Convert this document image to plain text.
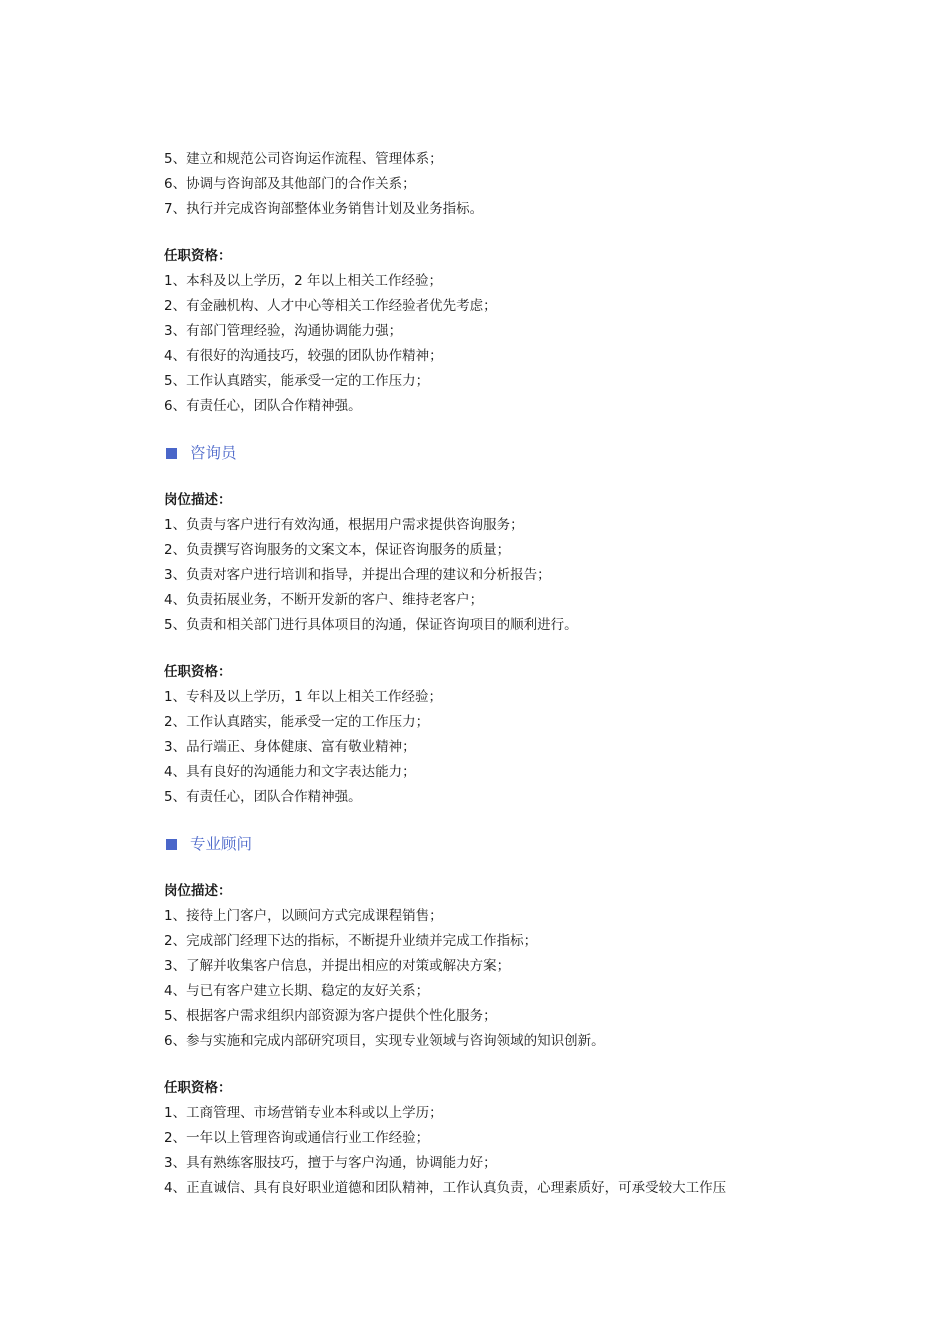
5、建立和规范公司咨询运作流程、管理体系；

6、协调与咨询部及其他部门的合作关系；

7、执行并完成咨询部整体业务销售计划及业务指标。

任职资格：

1、本科及以上学历，2 年以上相关工作经验；

2、有金融机构、人才中心等相关工作经验者优先考虑；

3、有部门管理经验，沟通协调能力强；

4、有很好的沟通技巧，较强的团队协作精神；

5、工作认真踏实，能承受一定的工作压力；

6、有责任心，团队合作精神强。

咨询员

岗位描述：

1、负责与客户进行有效沟通，根据用户需求提供咨询服务；

2、负责撰写咨询服务的文案文本，保证咨询服务的质量；

3、负责对客户进行培训和指导，并提出合理的建议和分析报告；

4、负责拓展业务，不断开发新的客户、维持老客户；

5、负责和相关部门进行具体项目的沟通，保证咨询项目的顺利进行。

任职资格：

1、专科及以上学历，1 年以上相关工作经验；

2、工作认真踏实，能承受一定的工作压力；

3、品行端正、身体健康、富有敬业精神；

4、具有良好的沟通能力和文字表达能力；

5、有责任心，团队合作精神强。

专业顾问

岗位描述：

1、接待上门客户，以顾问方式完成课程销售；

2、完成部门经理下达的指标，不断提升业绩并完成工作指标；

3、了解并收集客户信息，并提出相应的对策或解决方案；

4、与已有客户建立长期、稳定的友好关系；

5、根据客户需求组织内部资源为客户提供个性化服务；

6、参与实施和完成内部研究项目，实现专业领域与咨询领域的知识创新。

任职资格：

1、工商管理、市场营销专业本科或以上学历；

2、一年以上管理咨询或通信行业工作经验；

3、具有熟练客服技巧，擅于与客户沟通，协调能力好；

4、正直诚信、具有良好职业道德和团队精神，工作认真负责，心理素质好，可承受较大工作压
